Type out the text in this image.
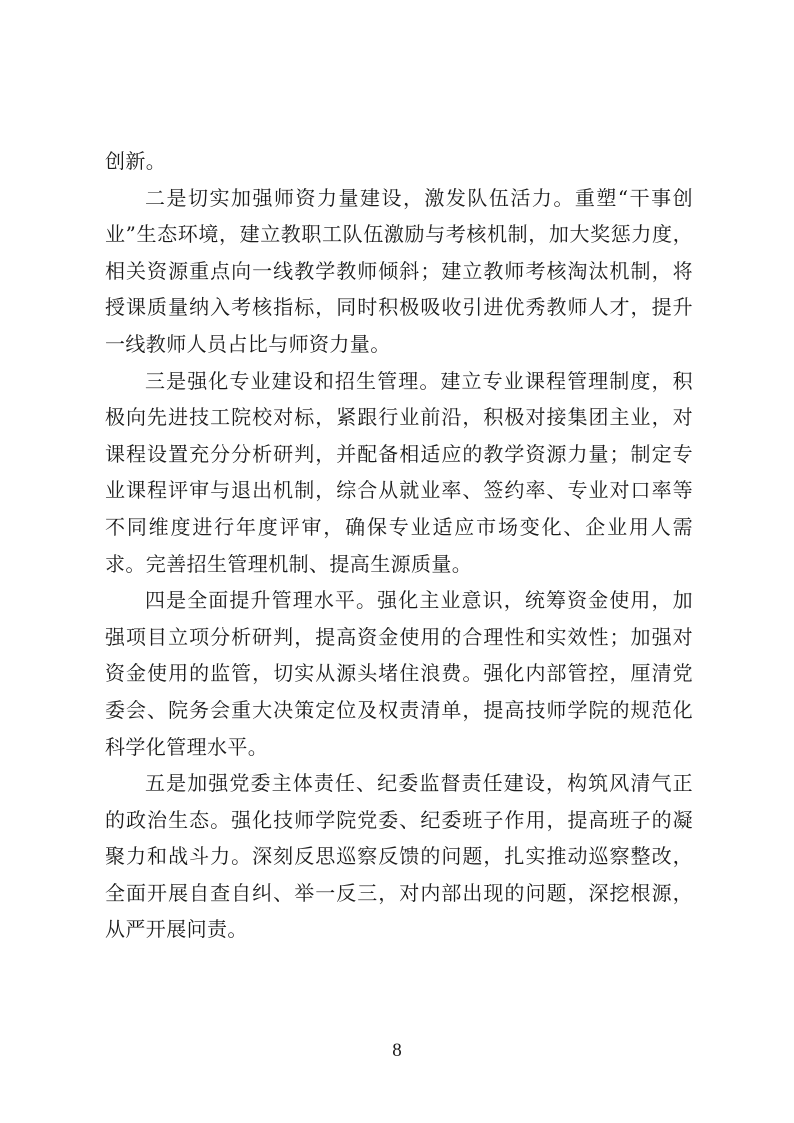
创新。

二是切实加强师资力量建设，激发队伍活力。重塑“干事创业”生态环境，建立教职工队伍激励与考核机制，加大奖惩力度，相关资源重点向一线教学教师倾斜；建立教师考核淘汰机制，将授课质量纳入考核指标，同时积极吸收引进优秀教师人才，提升一线教师人员占比与师资力量。

三是强化专业建设和招生管理。建立专业课程管理制度，积极向先进技工院校对标，紧跟行业前沿，积极对接集团主业，对课程设置充分分析研判，并配备相适应的教学资源力量；制定专业课程评审与退出机制，综合从就业率、签约率、专业对口率等不同维度进行年度评审，确保专业适应市场变化、企业用人需求。完善招生管理机制、提高生源质量。

四是全面提升管理水平。强化主业意识，统筹资金使用，加强项目立项分析研判，提高资金使用的合理性和实效性；加强对资金使用的监管，切实从源头堵住浪费。强化内部管控，厘清党委会、院务会重大决策定位及权责清单，提高技师学院的规范化科学化管理水平。

五是加强党委主体责任、纪委监督责任建设，构筑风清气正的政治生态。强化技师学院党委、纪委班子作用，提高班子的凝聚力和战斗力。深刻反思巡察反馈的问题，扎实推动巡察整改，全面开展自查自纠、举一反三，对内部出现的问题，深挖根源，从严开展问责。

8
